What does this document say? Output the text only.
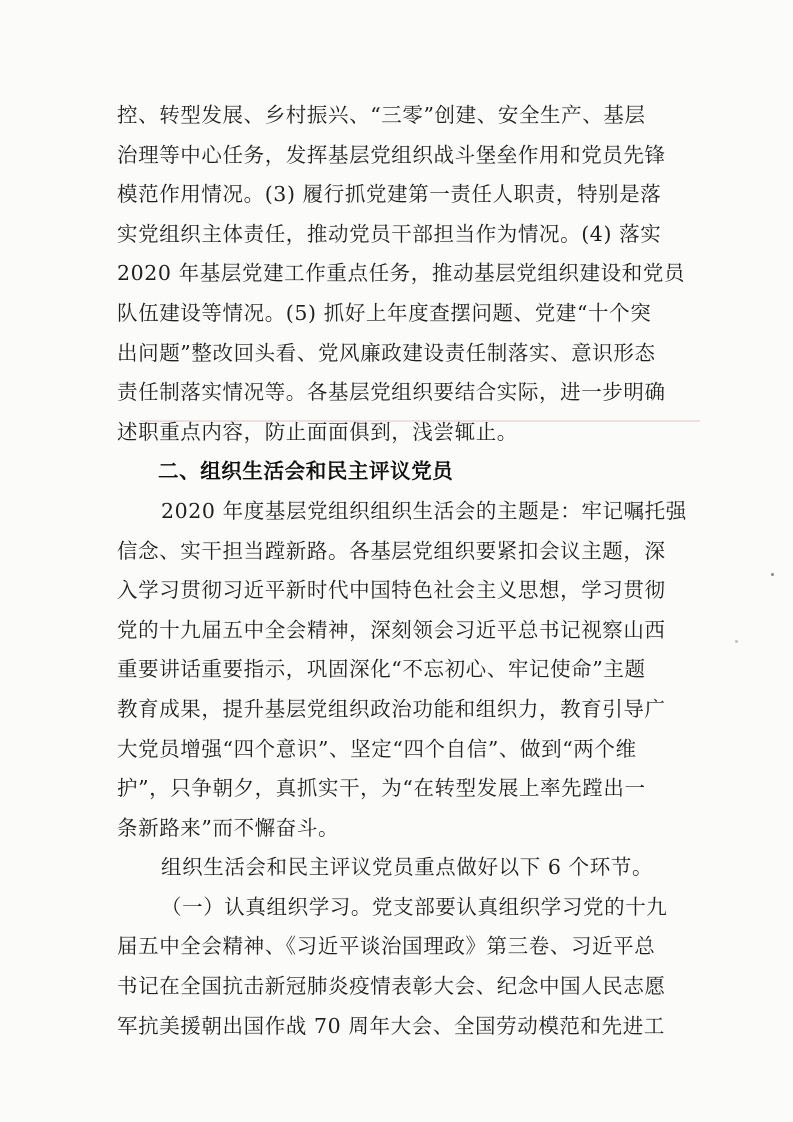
控、转型发展、乡村振兴、“三零”创建、安全生产、基层
治理等中心任务，发挥基层党组织战斗堡垒作用和党员先锋
模范作用情况。(3) 履行抓党建第一责任人职责，特别是落
实党组织主体责任，推动党员干部担当作为情况。(4) 落实
2020 年基层党建工作重点任务，推动基层党组织建设和党员
队伍建设等情况。(5) 抓好上年度查摆问题、党建“十个突
出问题”整改回头看、党风廉政建设责任制落实、意识形态
责任制落实情况等。各基层党组织要结合实际，进一步明确
述职重点内容，防止面面俱到，浅尝辄止。
二、组织生活会和民主评议党员
2020 年度基层党组织组织生活会的主题是：牢记嘱托强
信念、实干担当蹚新路。各基层党组织要紧扣会议主题，深
入学习贯彻习近平新时代中国特色社会主义思想，学习贯彻
党的十九届五中全会精神，深刻领会习近平总书记视察山西
重要讲话重要指示，巩固深化“不忘初心、牢记使命”主题
教育成果，提升基层党组织政治功能和组织力，教育引导广
大党员增强“四个意识”、坚定“四个自信”、做到“两个维
护”，只争朝夕，真抓实干，为“在转型发展上率先蹚出一
条新路来”而不懈奋斗。
组织生活会和民主评议党员重点做好以下 6 个环节。
（一）认真组织学习。党支部要认真组织学习党的十九
届五中全会精神、《习近平谈治国理政》第三卷、习近平总
书记在全国抗击新冠肺炎疫情表彰大会、纪念中国人民志愿
军抗美援朝出国作战 70 周年大会、全国劳动模范和先进工
